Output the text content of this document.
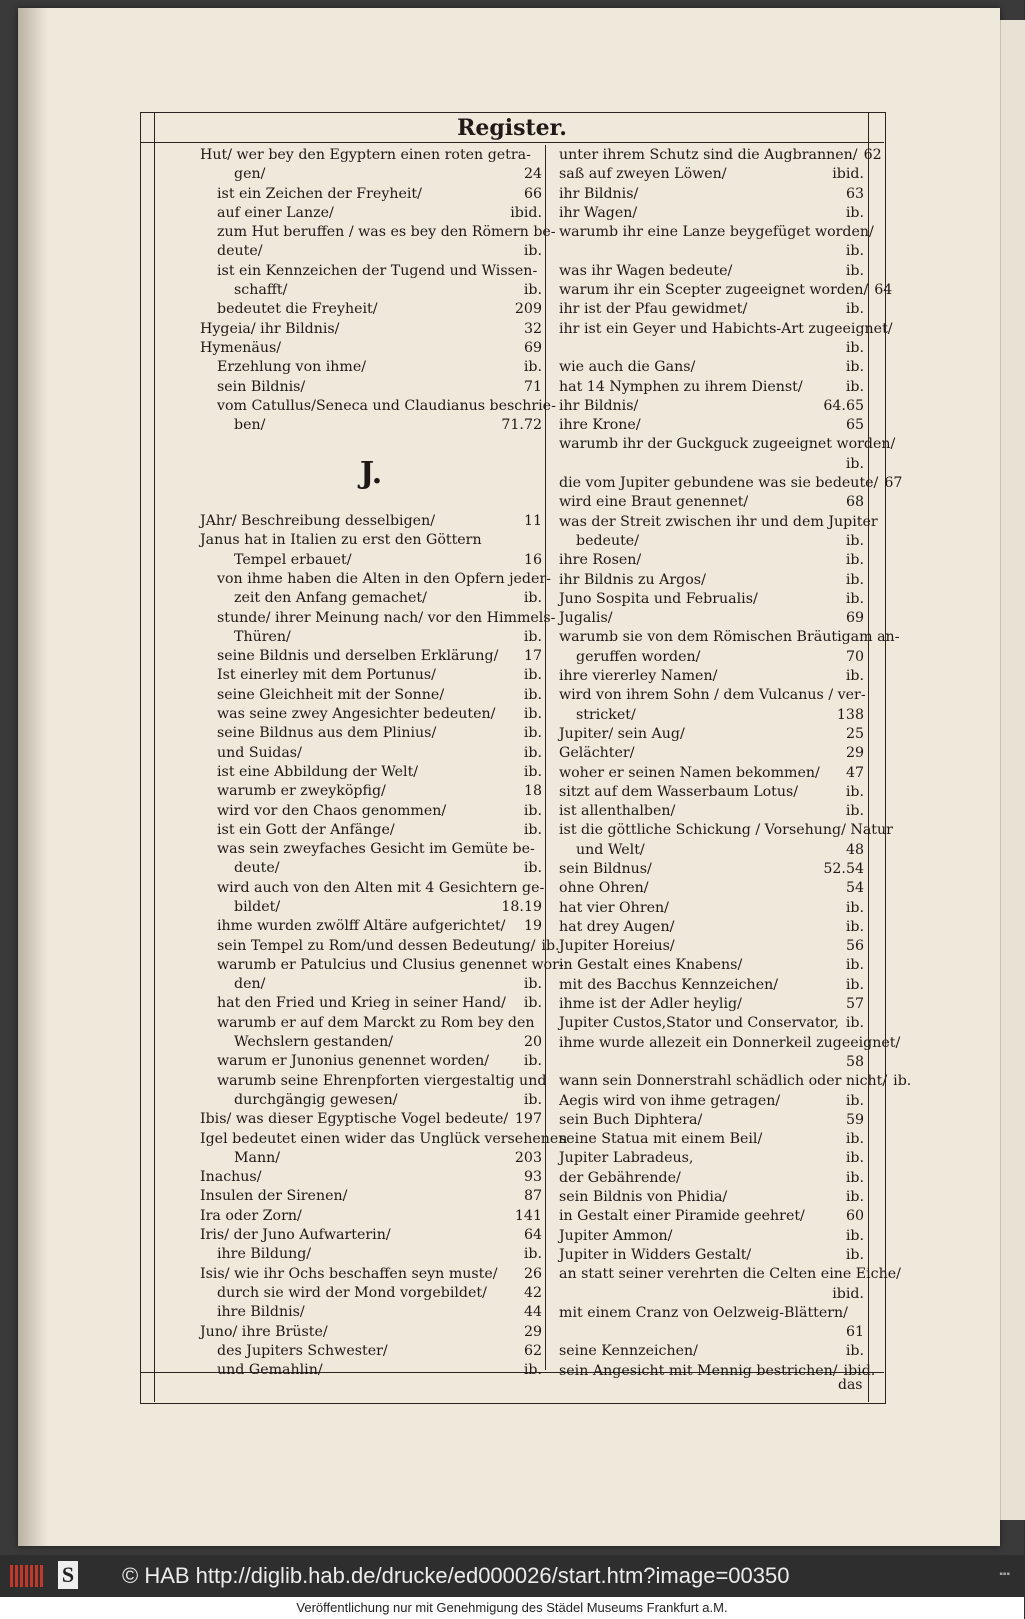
Register.
Hut/ wer bey den Egyptern einen roten getra-
gen/	24
ist ein Zeichen der Freyheit/	66
auf einer Lanze/	ibid.
zum Hut beruffen / was es bey den Römern be-
deute/	ib.
ist ein Kennzeichen der Tugend und Wissen-
schafft/	ib.
bedeutet die Freyheit/	209
Hygeia/ ihr Bildnis/	32
Hymenäus/	69
Erzehlung von ihme/	ib.
sein Bildnis/	71
vom Catullus/Seneca und Claudianus beschrie-
ben/	71.72
J.
JAhr/ Beschreibung desselbigen/	11
Janus hat in Italien zu erst den Göttern
Tempel erbauet/	16
von ihme haben die Alten in den Opfern jeder-
zeit den Anfang gemachet/	ib.
stunde/ ihrer Meinung nach/ vor den Himmels-
Thüren/	ib.
seine Bildnis und derselben Erklärung/	17
Ist einerley mit dem Portunus/	ib.
seine Gleichheit mit der Sonne/	ib.
was seine zwey Angesichter bedeuten/	ib.
seine Bildnus aus dem Plinius/	ib.
und Suidas/	ib.
ist eine Abbildung der Welt/	ib.
warumb er zweyköpfig/	18
wird vor den Chaos genommen/	ib.
ist ein Gott der Anfänge/	ib.
was sein zweyfaches Gesicht im Gemüte be-
deute/	ib.
wird auch von den Alten mit 4 Gesichtern ge-
bildet/	18.19
ihme wurden zwölff Altäre aufgerichtet/	19
sein Tempel zu Rom/und dessen Bedeutung/ ib.
warumb er Patulcius und Clusius genennet wor-
den/	ib.
hat den Fried und Krieg in seiner Hand/	ib.
warumb er auf dem Marckt zu Rom bey den
Wechslern gestanden/	20
warum er Junonius genennet worden/	ib.
warumb seine Ehrenpforten viergestaltig und
durchgängig gewesen/	ib.
Ibis/ was dieser Egyptische Vogel bedeute/ 197
Igel bedeutet einen wider das Unglück versehenen
Mann/	203
Inachus/	93
Insulen der Sirenen/	87
Ira oder Zorn/	141
Iris/ der Juno Aufwarterin/	64
ihre Bildung/	ib.
Isis/ wie ihr Ochs beschaffen seyn muste/	26
durch sie wird der Mond vorgebildet/	42
ihre Bildnis/	44
Juno/ ihre Brüste/	29
des Jupiters Schwester/	62
und Gemahlin/	ib.
unter ihrem Schutz sind die Augbrannen/ 62
saß auf zweyen Löwen/	ibid.
ihr Bildnis/	63
ihr Wagen/	ib.
warumb ihr eine Lanze beygefüget worden/
ib.
was ihr Wagen bedeute/	ib.
warum ihr ein Scepter zugeeignet worden/ 64
ihr ist der Pfau gewidmet/	ib.
ihr ist ein Geyer und Habichts-Art zugeeignet/
ib.
wie auch die Gans/	ib.
hat 14 Nymphen zu ihrem Dienst/	ib.
ihr Bildnis/	64.65
ihre Krone/	65
warumb ihr der Guckguck zugeeignet worden/
ib.
die vom Jupiter gebundene was sie bedeute/ 67
wird eine Braut genennet/	68
was der Streit zwischen ihr und dem Jupiter
bedeute/	ib.
ihre Rosen/	ib.
ihr Bildnis zu Argos/	ib.
Juno Sospita und Februalis/	ib.
Jugalis/	69
warumb sie von dem Römischen Bräutigam an-
geruffen worden/	70
ihre viererley Namen/	ib.
wird von ihrem Sohn / dem Vulcanus / ver-
stricket/	138
Jupiter/ sein Aug/	25
Gelächter/	29
woher er seinen Namen bekommen/	47
sitzt auf dem Wasserbaum Lotus/	ib.
ist allenthalben/	ib.
ist die göttliche Schickung / Vorsehung/ Natur
und Welt/	48
sein Bildnus/	52.54
ohne Ohren/	54
hat vier Ohren/	ib.
hat drey Augen/	ib.
Jupiter Horeius/	56
in Gestalt eines Knabens/	ib.
mit des Bacchus Kennzeichen/	ib.
ihme ist der Adler heylig/	57
Jupiter Custos,Stator und Conservator, ib.
ihme wurde allezeit ein Donnerkeil zugeeignet/
58
wann sein Donnerstrahl schädlich oder nicht/ ib.
Aegis wird von ihme getragen/	ib.
sein Buch Diphtera/	59
seine Statua mit einem Beil/	ib.
Jupiter Labradeus,	ib.
der Gebährende/	ib.
sein Bildnis von Phidia/	ib.
in Gestalt einer Piramide geehret/	60
Jupiter Ammon/	ib.
Jupiter in Widders Gestalt/	ib.
an statt seiner verehrten die Celten eine Eiche/
ibid.
mit einem Cranz von Oelzweig-Blättern/
61
seine Kennzeichen/	ib.
sein Angesicht mit Mennig bestrichen/ ibid.
das
S © HAB http://diglib.hab.de/drucke/ed000026/start.htm?image=00350	▪▪▪
Veröffentlichung nur mit Genehmigung des Städel Museums Frankfurt a.M.
